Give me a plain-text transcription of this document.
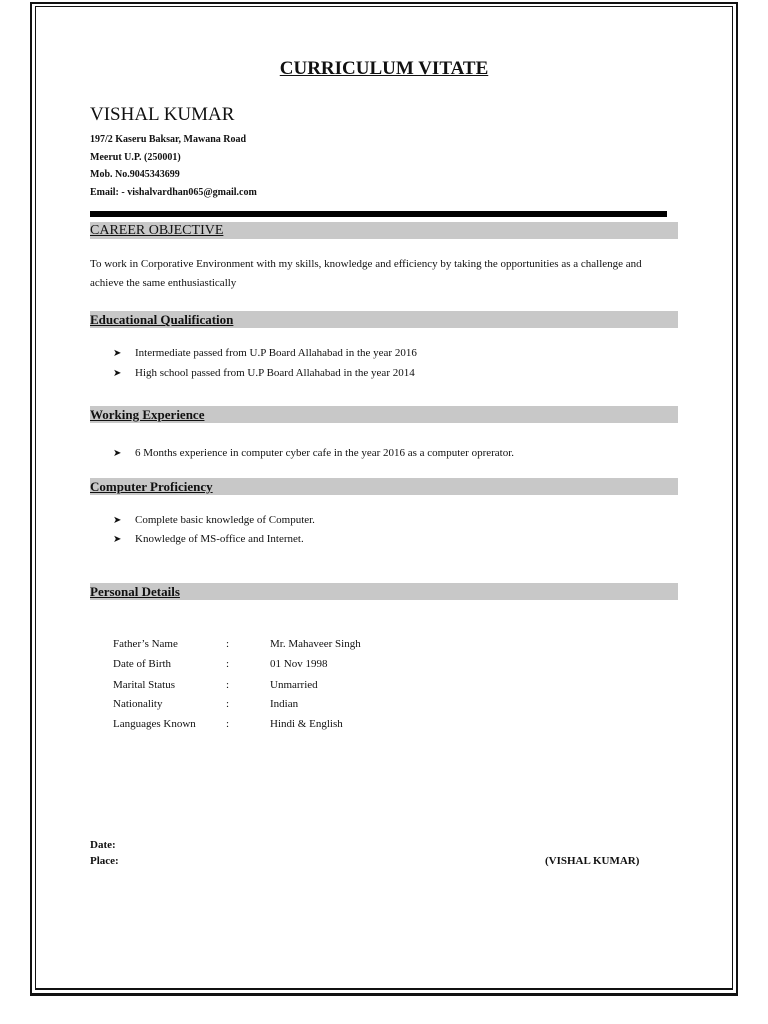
CURRICULUM VITATE
VISHAL KUMAR
197/2 Kaseru Baksar, Mawana Road
Meerut U.P. (250001)
Mob. No.9045343699
Email: - vishalvardhan065@gmail.com
CAREER OBJECTIVE
To work in Corporative Environment with my skills, knowledge and efficiency by taking the opportunities as a challenge and
achieve the same enthusiastically
Educational Qualification
➤ Intermediate passed from U.P Board Allahabad in the year 2016
➤ High school passed from U.P Board Allahabad in the year 2014
Working Experience
➤ 6 Months experience in computer cyber cafe in the year 2016 as a computer oprerator.
Computer Proficiency
➤ Complete basic knowledge of Computer.
➤ Knowledge of MS-office and Internet.
Personal Details
Father’s Name	:	Mr. Mahaveer Singh
Date of Birth	:	01 Nov 1998
Marital Status	:	Unmarried
Nationality	:	Indian
Languages Known	:	Hindi & English
Date:
Place:	(VISHAL KUMAR)
